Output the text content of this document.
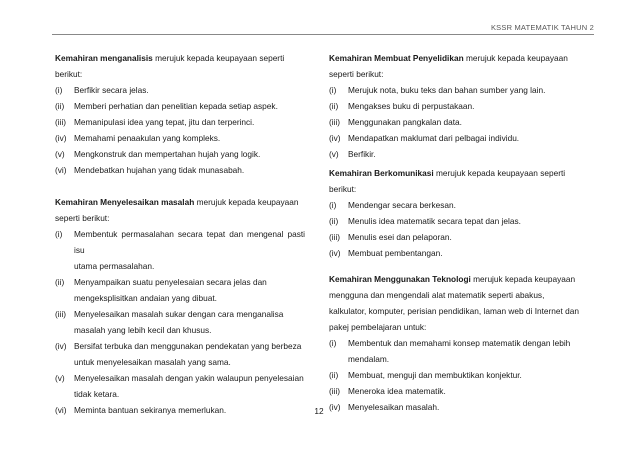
KSSR MATEMATIK TAHUN 2
Kemahiran menganalisis merujuk kepada keupayaan seperti
berikut:
(i)	Berfikir secara jelas.
(ii)	Memberi perhatian dan penelitian kepada setiap aspek.
(iii) Memanipulasi idea yang tepat, jitu dan terperinci.
(iv) Memahami penaakulan yang kompleks.
(v)	Mengkonstruk dan mempertahan hujah yang logik.
(vi) Mendebatkan hujahan yang tidak munasabah.
Kemahiran Menyelesaikan masalah merujuk kepada keupayaan
seperti berikut:
(i)	Membentuk permasalahan secara tepat dan mengenal pasti isu
utama permasalahan.
(ii)	Menyampaikan suatu penyelesaian secara jelas dan
mengeksplisitkan andaian yang dibuat.
(iii) Menyelesaikan masalah sukar dengan cara menganalisa
masalah yang lebih kecil dan khusus.
(iv) Bersifat terbuka dan menggunakan pendekatan yang berbeza
untuk menyelesaikan masalah yang sama.
(v)	Menyelesaikan masalah dengan yakin walaupun penyelesaian
tidak ketara.
(vi) Meminta bantuan sekiranya memerlukan.
Kemahiran Membuat Penyelidikan merujuk kepada keupayaan
seperti berikut:
(i)	Merujuk nota, buku teks dan bahan sumber yang lain.
(ii)	Mengakses buku di perpustakaan.
(iii) Menggunakan pangkalan data.
(iv) Mendapatkan maklumat dari pelbagai individu.
(v)	Berfikir.
Kemahiran Berkomunikasi merujuk kepada keupayaan seperti
berikut:
(i)	Mendengar secara berkesan.
(ii)	Menulis idea matematik secara tepat dan jelas.
(iii) Menulis esei dan pelaporan.
(iv) Membuat pembentangan.
Kemahiran Menggunakan Teknologi merujuk kepada keupayaan
mengguna dan mengendali alat matematik seperti abakus,
kalkulator, komputer, perisian pendidikan, laman web di Internet dan
pakej pembelajaran untuk:
(i)	Membentuk dan memahami konsep matematik dengan lebih
mendalam.
(ii)	Membuat, menguji dan membuktikan konjektur.
(iii) Meneroka idea matematik.
(iv) Menyelesaikan masalah.
12
